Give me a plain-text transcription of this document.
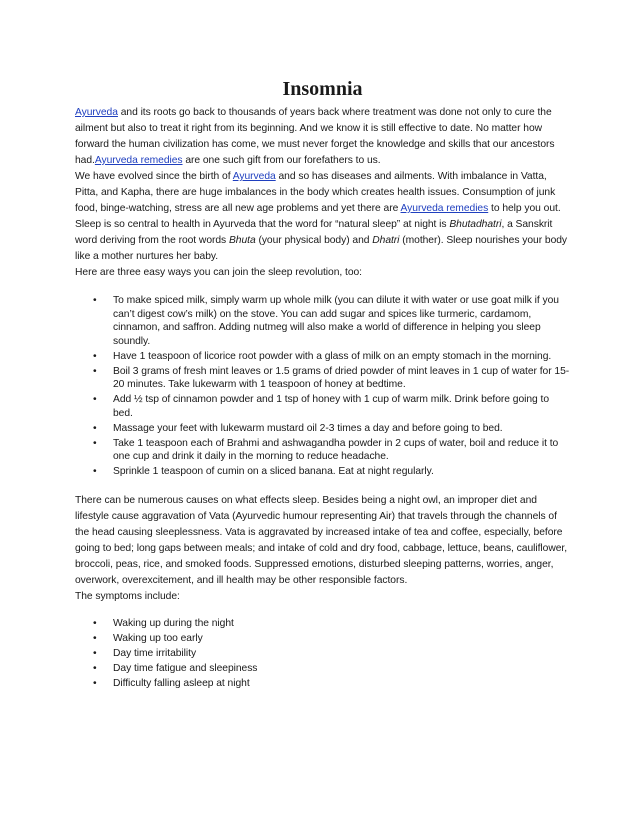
Insomnia

Ayurveda and its roots go back to thousands of years back where treatment was done not only to cure the ailment but also to treat it right from its beginning. And we know it is still effective to date. No matter how forward the human civilization has come, we must never forget the knowledge and skills that our ancestors had.Ayurveda remedies are one such gift from our forefathers to us.

We have evolved since the birth of Ayurveda and so has diseases and ailments. With imbalance in Vatta, Pitta, and Kapha, there are huge imbalances in the body which creates health issues. Consumption of junk food, binge-watching, stress are all new age problems and yet there are Ayurveda remedies to help you out.

Sleep is so central to health in Ayurveda that the word for “natural sleep” at night is Bhutadhatri, a Sanskrit word deriving from the root words Bhuta (your physical body) and Dhatri (mother). Sleep nourishes your body like a mother nurtures her baby.

Here are three easy ways you can join the sleep revolution, too:

• To make spiced milk, simply warm up whole milk (you can dilute it with water or use goat milk if you can’t digest cow’s milk) on the stove. You can add sugar and spices like turmeric, cardamom, cinnamon, and saffron. Adding nutmeg will also make a world of difference in helping you sleep soundly.
• Have 1 teaspoon of licorice root powder with a glass of milk on an empty stomach in the morning.
• Boil 3 grams of fresh mint leaves or 1.5 grams of dried powder of mint leaves in 1 cup of water for 15-20 minutes. Take lukewarm with 1 teaspoon of honey at bedtime.
• Add ½ tsp of cinnamon powder and 1 tsp of honey with 1 cup of warm milk. Drink before going to bed.
• Massage your feet with lukewarm mustard oil 2-3 times a day and before going to bed.
• Take 1 teaspoon each of Brahmi and ashwagandha powder in 2 cups of water, boil and reduce it to one cup and drink it daily in the morning to reduce headache.
• Sprinkle 1 teaspoon of cumin on a sliced banana. Eat at night regularly.

There can be numerous causes on what effects sleep. Besides being a night owl, an improper diet and lifestyle cause aggravation of Vata (Ayurvedic humour representing Air) that travels through the channels of the head causing sleeplessness. Vata is aggravated by increased intake of tea and coffee, especially, before going to bed; long gaps between meals; and intake of cold and dry food, cabbage, lettuce, beans, cauliflower, broccoli, peas, rice, and smoked foods. Suppressed emotions, disturbed sleeping patterns, worries, anger, overwork, overexcitement, and ill health may be other responsible factors.

The symptoms include:

• Waking up during the night
• Waking up too early
• Day time irritability
• Day time fatigue and sleepiness
• Difficulty falling asleep at night
